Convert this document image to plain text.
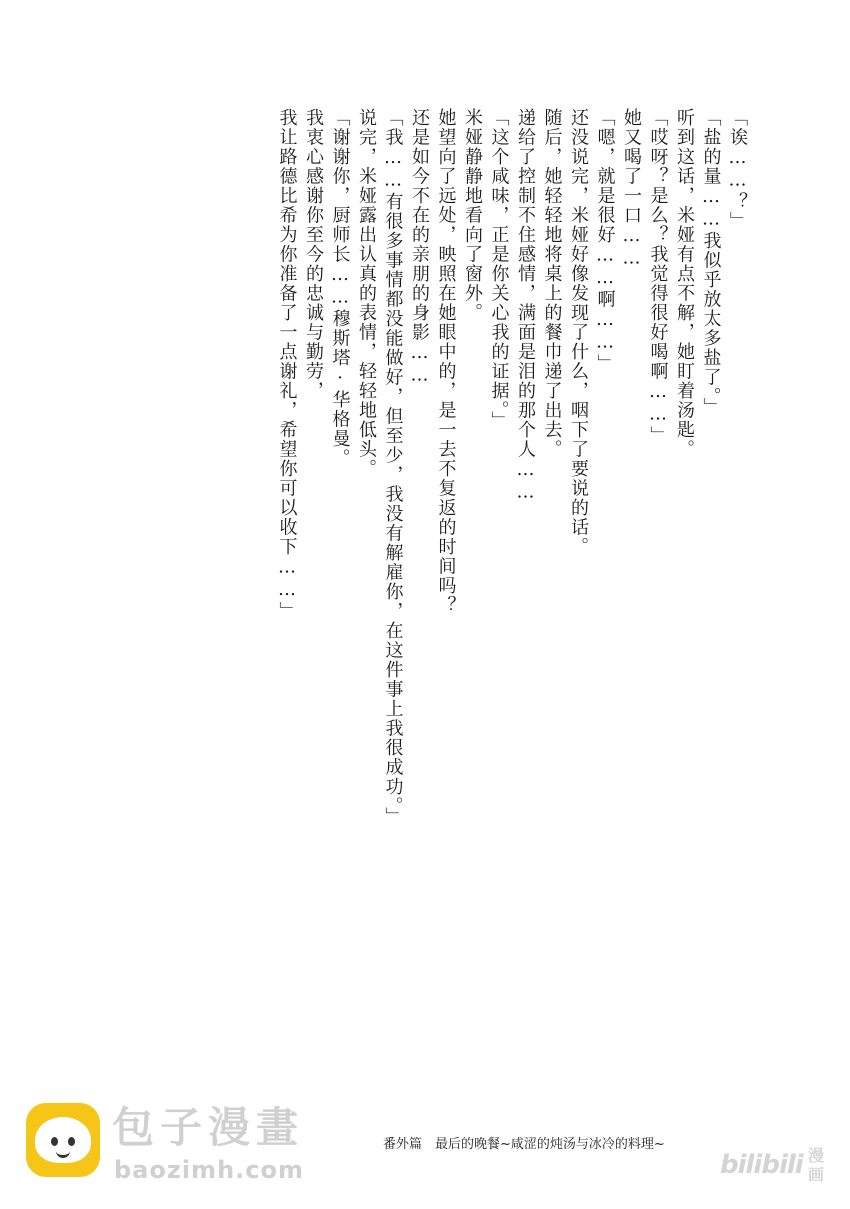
「诶……？」
「盐的量……我似乎放太多盐了。」
听到这话，米娅有点不解，她盯着汤匙。
「哎呀？是么？我觉得很好喝啊……」
她又喝了一口……
「嗯，就是很好……啊……」
还没说完，米娅好像发现了什么，咽下了要说的话。
随后，她轻轻地将桌上的餐巾递了出去。
递给了控制不住感情，满面是泪的那个人……
「这个咸味，正是你关心我的证据。」
米娅静静地看向了窗外。
她望向了远处，映照在她眼中的，是一去不复返的时间吗？
还是如今不在的亲朋的身影……
「我……有很多事情都没能做好，但至少，我没有解雇你，在这件事上我很成功。」
说完，米娅露出认真的表情，轻轻地低头。
「谢谢你，厨师长……穆斯塔·华格曼。
我衷心感谢你至今的忠诚与勤劳，
我让路德比希为你准备了一点谢礼，希望你可以收下……」
包子漫畫
baozimh.com
番外篇　最后的晚餐~咸涩的炖汤与冰冷的料理~
bilibili 漫画
